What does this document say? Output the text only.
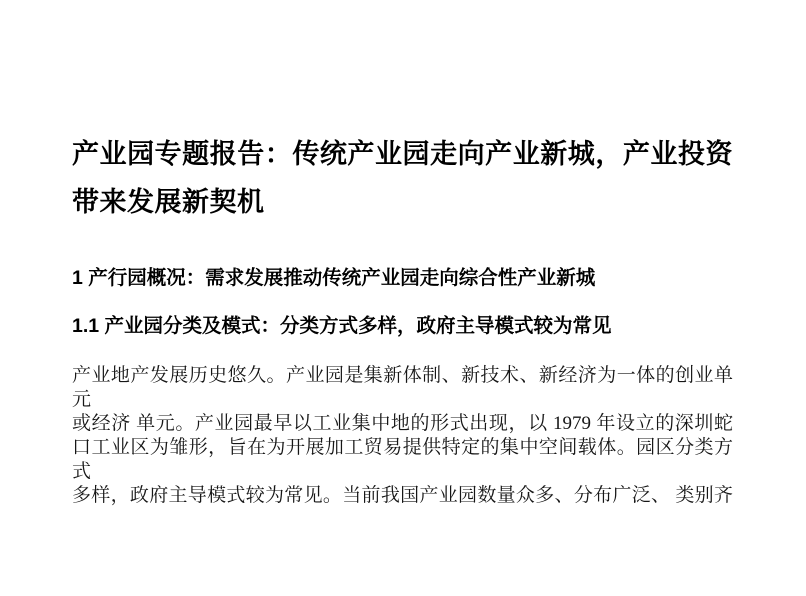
产业园专题报告：传统产业园走向产业新城，产业投资
带来发展新契机
1 产行园概况：需求发展推动传统产业园走向综合性产业新城
1.1 产业园分类及模式：分类方式多样，政府主导模式较为常见
产业地产发展历史悠久。产业园是集新体制、新技术、新经济为一体的创业单元
或经济 单元。产业园最早以工业集中地的形式出现，以 1979 年设立的深圳蛇
口工业区为雏形，旨在为开展加工贸易提供特定的集中空间载体。园区分类方式
多样，政府主导模式较为常见。当前我国产业园数量众多、分布广泛、 类别齐
